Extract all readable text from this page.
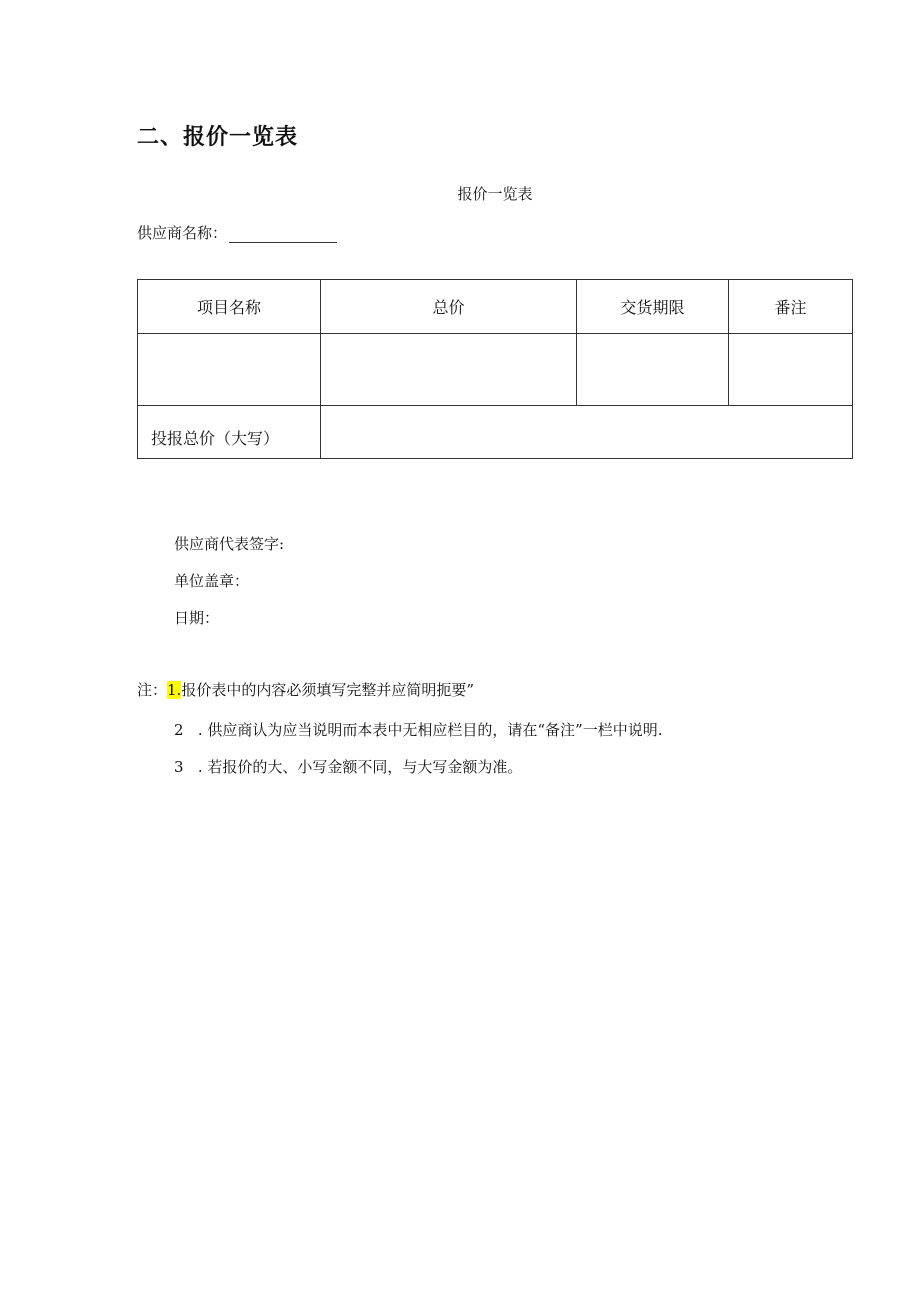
二、报价一览表
报价一览表
供应商名称：
项目名称	总价	交货期限	番注

投报总价（大写）			
供应商代表签字:
单位盖章：
日期：
注：1.报价表中的内容必须填写完整并应简明扼要”
2   . 供应商认为应当说明而本表中无相应栏目的，请在“备注”一栏中说明.
3   . 若报价的大、小写金额不同，与大写金额为准。
